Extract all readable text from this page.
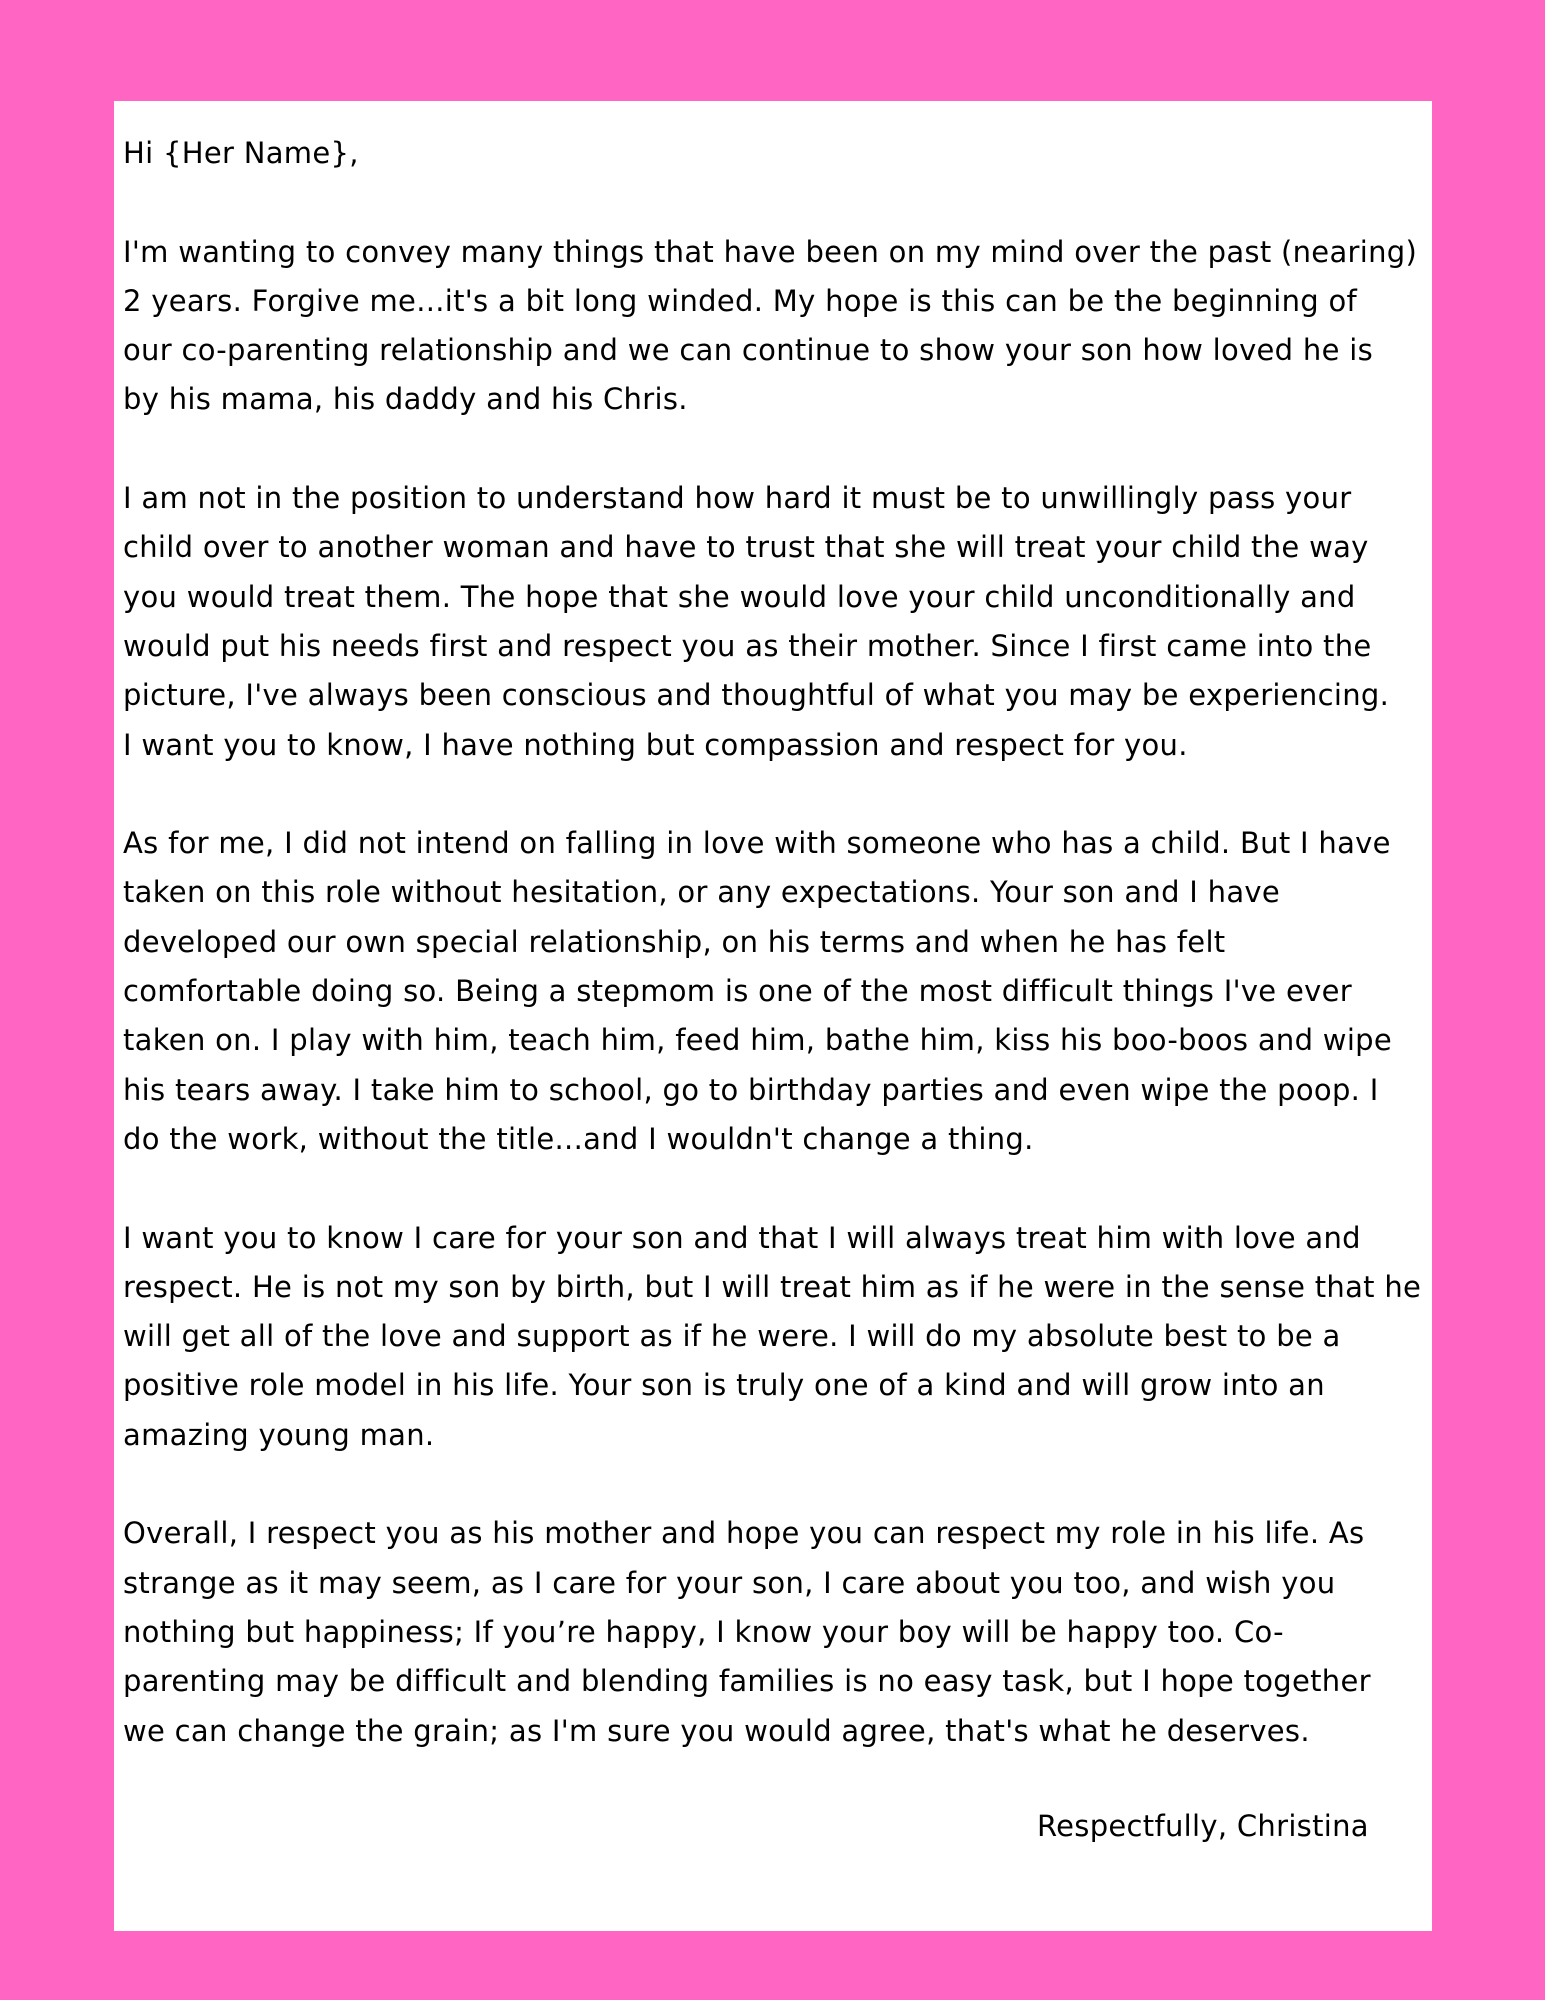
Hi {Her Name},

I'm wanting to convey many things that have been on my mind over the past (nearing)
2 years. Forgive me...it's a bit long winded. My hope is this can be the beginning of
our co-parenting relationship and we can continue to show your son how loved he is
by his mama, his daddy and his Chris.

I am not in the position to understand how hard it must be to unwillingly pass your
child over to another woman and have to trust that she will treat your child the way
you would treat them. The hope that she would love your child unconditionally and
would put his needs first and respect you as their mother. Since I first came into the
picture, I've always been conscious and thoughtful of what you may be experiencing.
I want you to know, I have nothing but compassion and respect for you.

As for me, I did not intend on falling in love with someone who has a child. But I have
taken on this role without hesitation, or any expectations. Your son and I have
developed our own special relationship, on his terms and when he has felt
comfortable doing so. Being a stepmom is one of the most difficult things I've ever
taken on. I play with him, teach him, feed him, bathe him, kiss his boo-boos and wipe
his tears away. I take him to school, go to birthday parties and even wipe the poop. I
do the work, without the title...and I wouldn't change a thing.

I want you to know I care for your son and that I will always treat him with love and
respect. He is not my son by birth, but I will treat him as if he were in the sense that he
will get all of the love and support as if he were. I will do my absolute best to be a
positive role model in his life. Your son is truly one of a kind and will grow into an
amazing young man.

Overall, I respect you as his mother and hope you can respect my role in his life. As
strange as it may seem, as I care for your son, I care about you too, and wish you
nothing but happiness; If you’re happy, I know your boy will be happy too. Co-
parenting may be difficult and blending families is no easy task, but I hope together
we can change the grain; as I'm sure you would agree, that's what he deserves.

Respectfully, Christina
